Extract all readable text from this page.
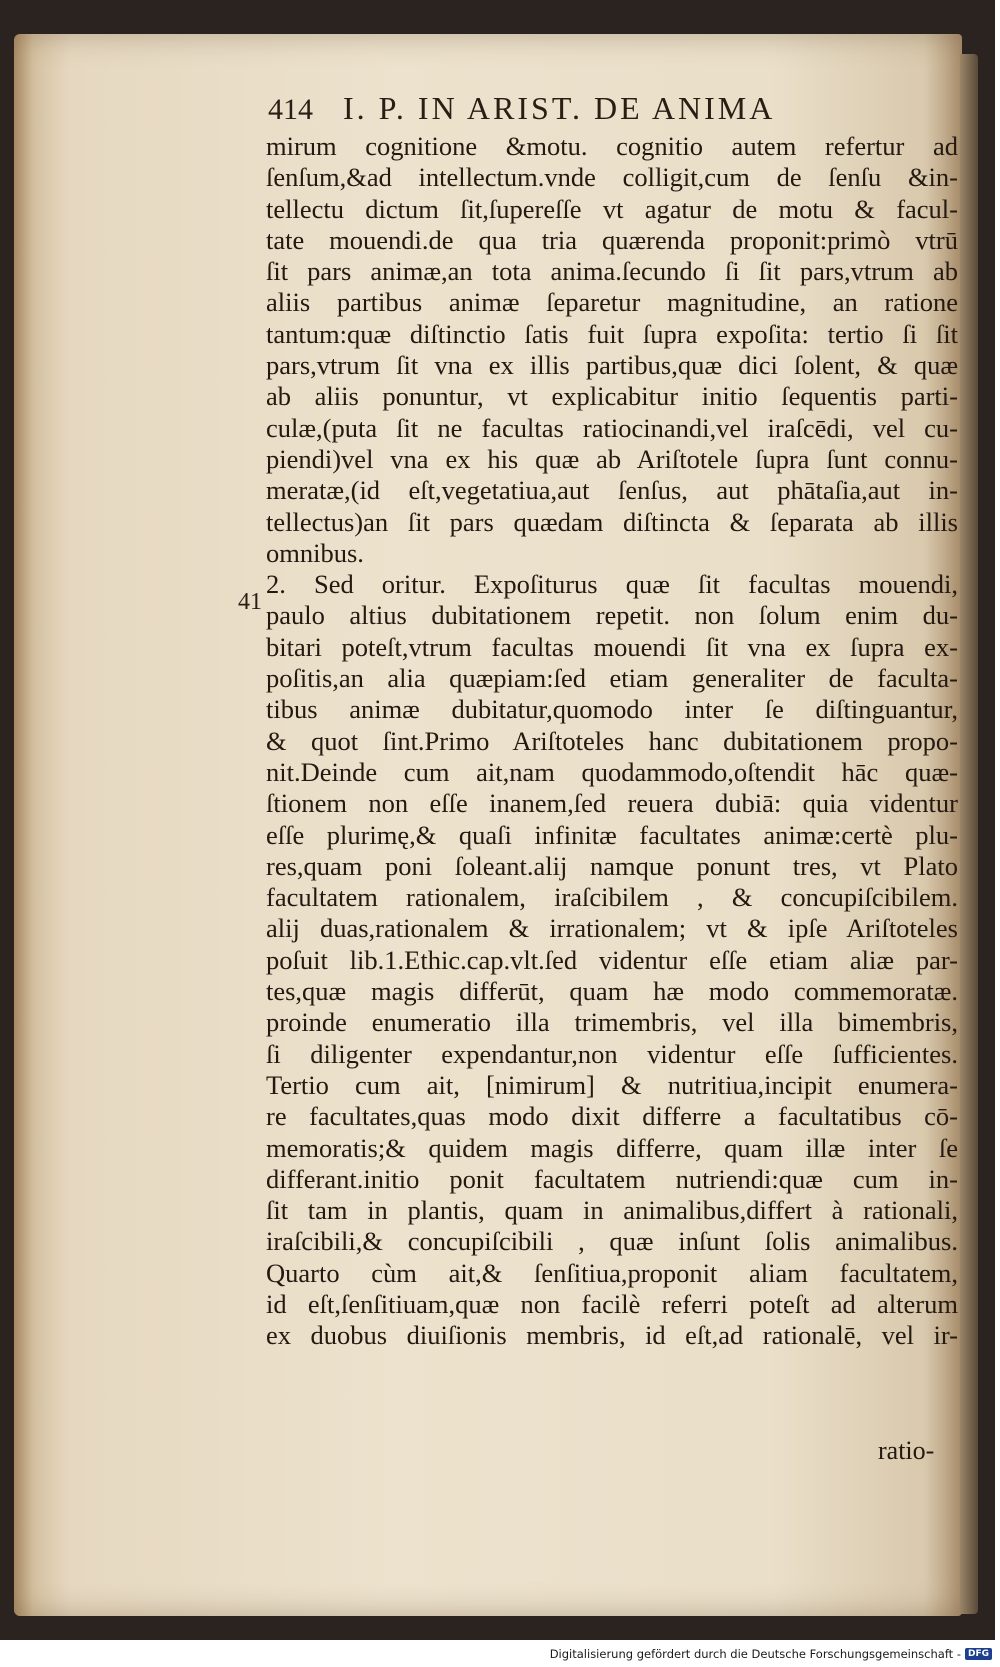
414 I. P. IN ARIST. DE ANIMA
41
mirum cognitione &motu. cognitio autem refertur ad
ſenſum,&ad intellectum.vnde colligit,cum de ſenſu &in-
tellectu dictum ſit,ſupereſſe vt agatur de motu & facul-
tate mouendi.de qua tria quærenda proponit:primò vtrū
ſit pars animæ,an tota anima.ſecundo ſi ſit pars,vtrum ab
aliis partibus animæ ſeparetur magnitudine, an ratione
tantum:quæ diſtinctio ſatis fuit ſupra expoſita: tertio ſi ſit
pars,vtrum ſit vna ex illis partibus,quæ dici ſolent, & quæ
ab aliis ponuntur, vt explicabitur initio ſequentis parti-
culæ,(puta ſit ne facultas ratiocinandi,vel iraſcēdi, vel cu-
piendi)vel vna ex his quæ ab Ariſtotele ſupra ſunt connu-
meratæ,(id eſt,vegetatiua,aut ſenſus, aut phātaſia,aut in-
tellectus)an ſit pars quædam diſtincta & ſeparata ab illis
omnibus.
2. Sed oritur. Expoſiturus quæ ſit facultas mouendi,
paulo altius dubitationem repetit. non ſolum enim du-
bitari poteſt,vtrum facultas mouendi ſit vna ex ſupra ex-
poſitis,an alia quæpiam:ſed etiam generaliter de faculta-
tibus animæ dubitatur,quomodo inter ſe diſtinguantur,
& quot ſint.Primo Ariſtoteles hanc dubitationem propo-
nit.Deinde cum ait,nam quodammodo,oſtendit hāc quæ-
ſtionem non eſſe inanem,ſed reuera dubiā: quia videntur
eſſe plurimę,& quaſi infinitæ facultates animæ:certè plu-
res,quam poni ſoleant.alij namque ponunt tres, vt Plato
facultatem rationalem, iraſcibilem , & concupiſcibilem.
alij duas,rationalem & irrationalem; vt & ipſe Ariſtoteles
poſuit lib.1.Ethic.cap.vlt.ſed videntur eſſe etiam aliæ par-
tes,quæ magis differūt, quam hæ modo commemoratæ.
proinde enumeratio illa trimembris, vel illa bimembris,
ſi diligenter expendantur,non videntur eſſe ſufficientes.
Tertio cum ait, [nimirum] & nutritiua,incipit enumera-
re facultates,quas modo dixit differre a facultatibus cō-
memoratis;& quidem magis differre, quam illæ inter ſe
differant.initio ponit facultatem nutriendi:quæ cum in-
ſit tam in plantis, quam in animalibus,differt à rationali,
iraſcibili,& concupiſcibili , quæ inſunt ſolis animalibus.
Quarto cùm ait,& ſenſitiua,proponit aliam facultatem,
id eſt,ſenſitiuam,quæ non facilè referri poteſt ad alterum
ex duobus diuiſionis membris, id eſt,ad rationalē, vel ir-
ratio-
Digitalisierung gefördert durch die Deutsche Forschungsgemeinschaft - DFG
